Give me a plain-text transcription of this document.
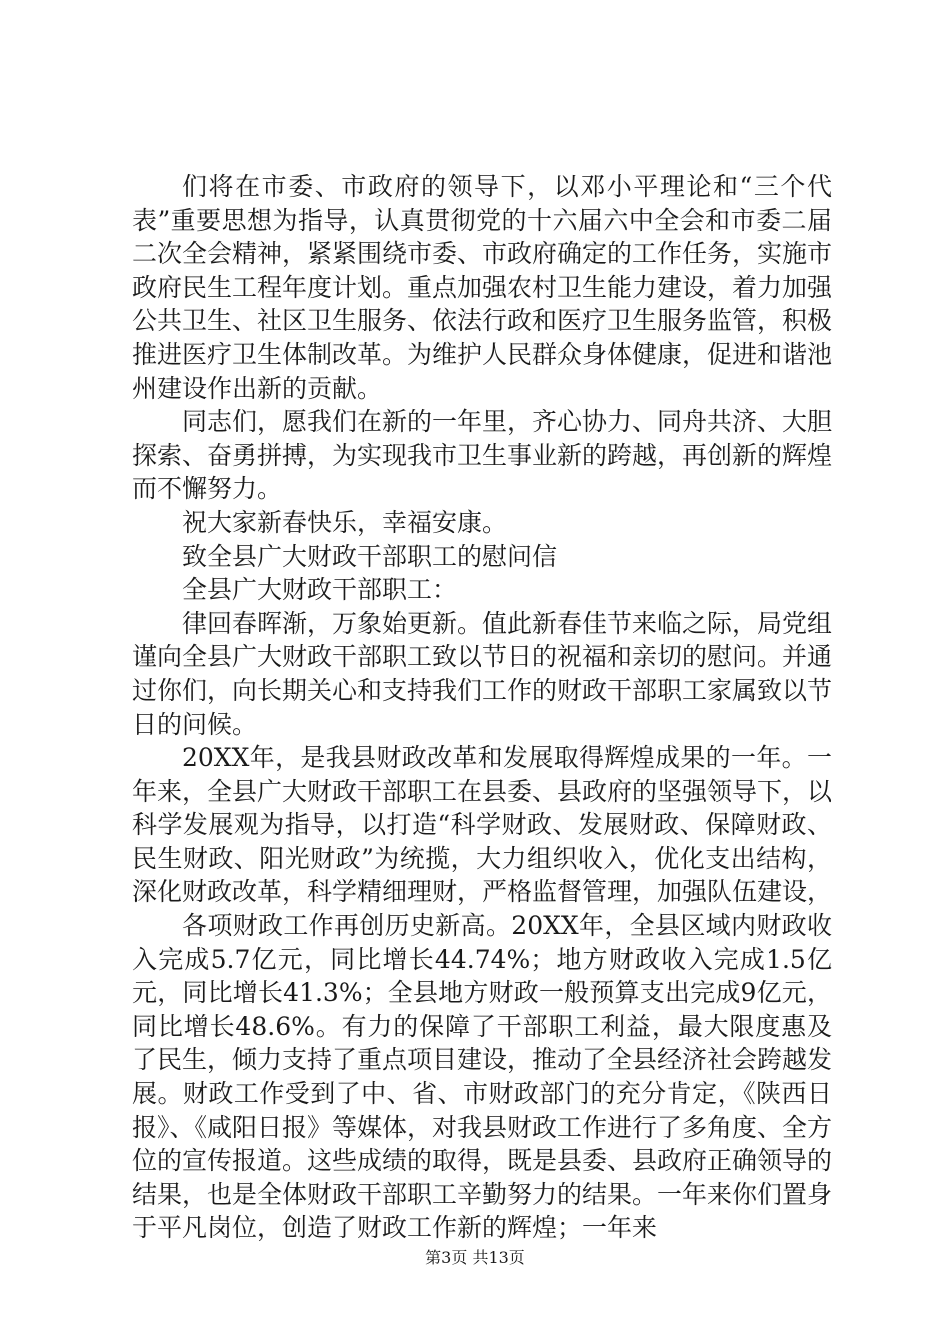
们将在市委、市政府的领导下，以邓小平理论和“三个代表”重要思想为指导，认真贯彻党的十六届六中全会和市委二届二次全会精神，紧紧围绕市委、市政府确定的工作任务，实施市政府民生工程年度计划。重点加强农村卫生能力建设，着力加强公共卫生、社区卫生服务、依法行政和医疗卫生服务监管，积极推进医疗卫生体制改革。为维护人民群众身体健康，促进和谐池州建设作出新的贡献。

同志们，愿我们在新的一年里，齐心协力、同舟共济、大胆探索、奋勇拼搏，为实现我市卫生事业新的跨越，再创新的辉煌而不懈努力。

祝大家新春快乐，幸福安康。

致全县广大财政干部职工的慰问信

全县广大财政干部职工：

律回春晖渐，万象始更新。值此新春佳节来临之际，局党组谨向全县广大财政干部职工致以节日的祝福和亲切的慰问。并通过你们，向长期关心和支持我们工作的财政干部职工家属致以节日的问候。

20XX年，是我县财政改革和发展取得辉煌成果的一年。一年来，全县广大财政干部职工在县委、县政府的坚强领导下，以科学发展观为指导，以打造“科学财政、发展财政、保障财政、民生财政、阳光财政”为统揽，大力组织收入，优化支出结构，深化财政改革，科学精细理财，严格监督管理，加强队伍建设，

各项财政工作再创历史新高。20XX年，全县区域内财政收入完成5.7亿元，同比增长44.74%；地方财政收入完成1.5亿元，同比增长41.3%；全县地方财政一般预算支出完成9亿元，同比增长48.6%。有力的保障了干部职工利益，最大限度惠及了民生，倾力支持了重点项目建设，推动了全县经济社会跨越发展。财政工作受到了中、省、市财政部门的充分肯定，《陕西日报》、《咸阳日报》等媒体，对我县财政工作进行了多角度、全方位的宣传报道。这些成绩的取得，既是县委、县政府正确领导的结果，也是全体财政干部职工辛勤努力的结果。一年来你们置身于平凡岗位，创造了财政工作新的辉煌；一年来

第3页 共13页
